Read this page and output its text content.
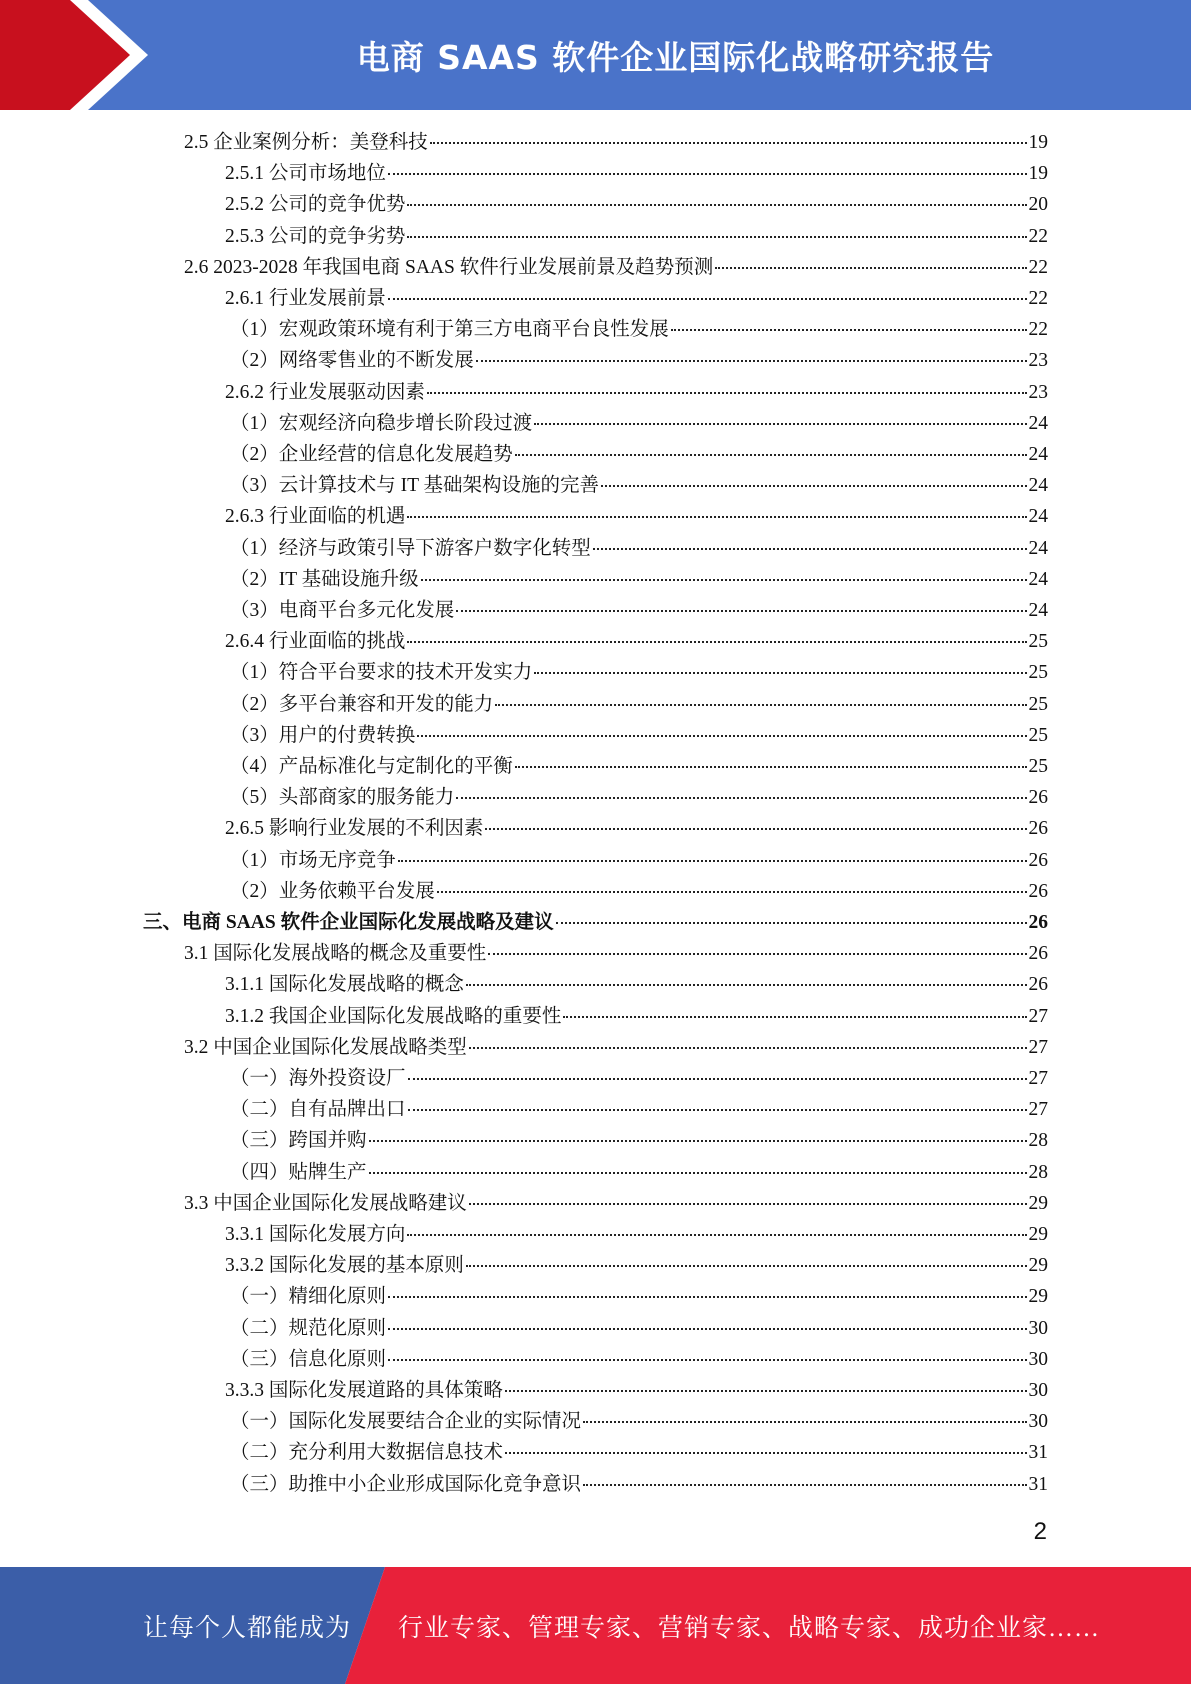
电商 SAAS 软件企业国际化战略研究报告
2.5 企业案例分析：美登科技	19
2.5.1 公司市场地位	19
2.5.2 公司的竞争优势	20
2.5.3 公司的竞争劣势	22
2.6 2023-2028 年我国电商 SAAS 软件行业发展前景及趋势预测	22
2.6.1 行业发展前景	22
（1）宏观政策环境有利于第三方电商平台良性发展	22
（2）网络零售业的不断发展	23
2.6.2 行业发展驱动因素	23
（1）宏观经济向稳步增长阶段过渡	24
（2）企业经营的信息化发展趋势	24
（3）云计算技术与 IT 基础架构设施的完善	24
2.6.3 行业面临的机遇	24
（1）经济与政策引导下游客户数字化转型	24
（2）IT 基础设施升级	24
（3）电商平台多元化发展	24
2.6.4 行业面临的挑战	25
（1）符合平台要求的技术开发实力	25
（2）多平台兼容和开发的能力	25
（3）用户的付费转换	25
（4）产品标准化与定制化的平衡	25
（5）头部商家的服务能力	26
2.6.5 影响行业发展的不利因素	26
（1）市场无序竞争	26
（2）业务依赖平台发展	26
三、电商 SAAS 软件企业国际化发展战略及建议	26
3.1 国际化发展战略的概念及重要性	26
3.1.1 国际化发展战略的概念	26
3.1.2 我国企业国际化发展战略的重要性	27
3.2 中国企业国际化发展战略类型	27
（一）海外投资设厂	27
（二）自有品牌出口	27
（三）跨国并购	28
（四）贴牌生产	28
3.3 中国企业国际化发展战略建议	29
3.3.1 国际化发展方向	29
3.3.2 国际化发展的基本原则	29
（一）精细化原则	29
（二）规范化原则	30
（三）信息化原则	30
3.3.3 国际化发展道路的具体策略	30
（一）国际化发展要结合企业的实际情况	30
（二）充分利用大数据信息技术	31
（三）助推中小企业形成国际化竞争意识	31
2
让每个人都能成为 行业专家、管理专家、营销专家、战略专家、成功企业家……
